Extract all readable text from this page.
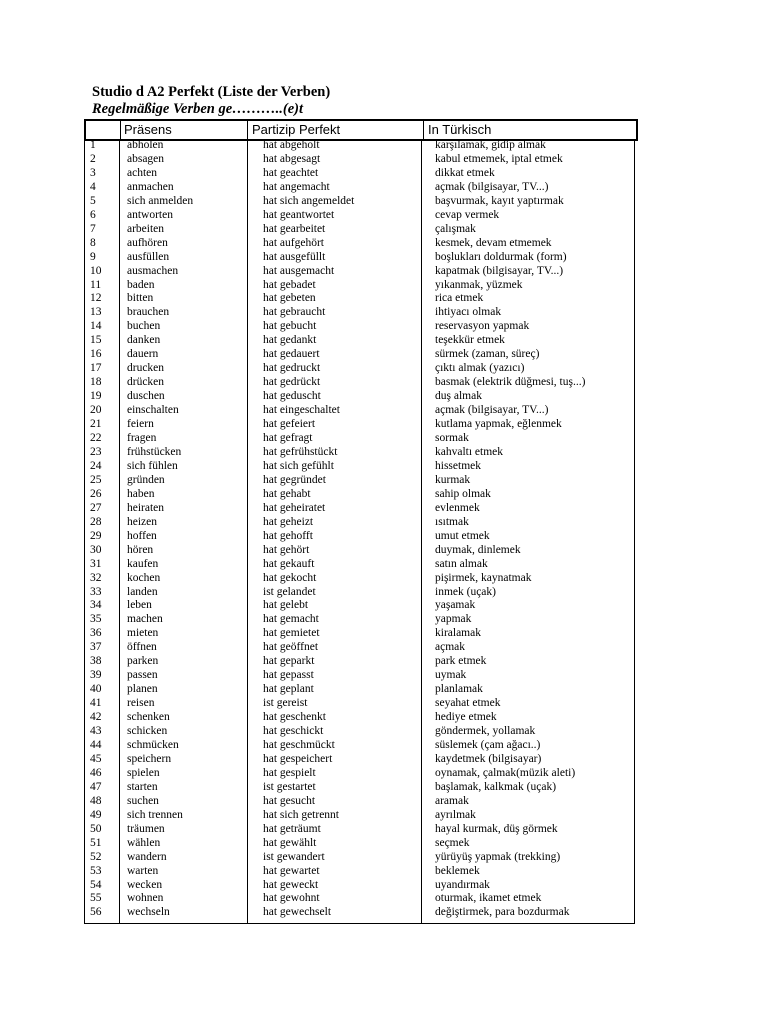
Studio d A2 Perfekt (Liste der Verben)
Regelmäßige Verben ge………..(e)t
Präsens	Partizip Perfekt	In Türkisch
1	abholen	hat abgeholt	karşılamak, gidip almak
2	absagen	hat abgesagt	kabul etmemek, iptal etmek
3	achten	hat geachtet	dikkat etmek
4	anmachen	hat angemacht	açmak (bilgisayar, TV...)
5	sich anmelden	hat sich angemeldet	başvurmak, kayıt yaptırmak
6	antworten	hat geantwortet	cevap vermek
7	arbeiten	hat gearbeitet	çalışmak
8	aufhören	hat aufgehört	kesmek, devam etmemek
9	ausfüllen	hat ausgefüllt	boşlukları doldurmak (form)
10	ausmachen	hat ausgemacht	kapatmak (bilgisayar, TV...)
11	baden	hat gebadet	yıkanmak, yüzmek
12	bitten	hat gebeten	rica etmek
13	brauchen	hat gebraucht	ihtiyacı olmak
14	buchen	hat gebucht	reservasyon yapmak
15	danken	hat gedankt	teşekkür etmek
16	dauern	hat gedauert	sürmek (zaman, süreç)
17	drucken	hat gedruckt	çıktı almak (yazıcı)
18	drücken	hat gedrückt	basmak (elektrik düğmesi, tuş...)
19	duschen	hat geduscht	duş almak
20	einschalten	hat eingeschaltet	açmak (bilgisayar, TV...)
21	feiern	hat gefeiert	kutlama yapmak, eğlenmek
22	fragen	hat gefragt	sormak
23	frühstücken	hat gefrühstückt	kahvaltı etmek
24	sich fühlen	hat sich gefühlt	hissetmek
25	gründen	hat gegründet	kurmak
26	haben	hat gehabt	sahip olmak
27	heiraten	hat geheiratet	evlenmek
28	heizen	hat geheizt	ısıtmak
29	hoffen	hat gehofft	umut etmek
30	hören	hat gehört	duymak, dinlemek
31	kaufen	hat gekauft	satın almak
32	kochen	hat gekocht	pişirmek, kaynatmak
33	landen	ist gelandet	inmek (uçak)
34	leben	hat gelebt	yaşamak
35	machen	hat gemacht	yapmak
36	mieten	hat gemietet	kiralamak
37	öffnen	hat geöffnet	açmak
38	parken	hat geparkt	park etmek
39	passen	hat gepasst	uymak
40	planen	hat geplant	planlamak
41	reisen	ist gereist	seyahat etmek
42	schenken	hat geschenkt	hediye etmek
43	schicken	hat geschickt	göndermek, yollamak
44	schmücken	hat geschmückt	süslemek (çam ağacı..)
45	speichern	hat gespeichert	kaydetmek (bilgisayar)
46	spielen	hat gespielt	oynamak, çalmak(müzik aleti)
47	starten	ist gestartet	başlamak, kalkmak (uçak)
48	suchen	hat gesucht	aramak
49	sich trennen	hat sich getrennt	ayrılmak
50	träumen	hat geträumt	hayal kurmak, düş görmek
51	wählen	hat gewählt	seçmek
52	wandern	ist gewandert	yürüyüş yapmak (trekking)
53	warten	hat gewartet	beklemek
54	wecken	hat geweckt	uyandırmak
55	wohnen	hat gewohnt	oturmak, ikamet etmek
56	wechseln	hat gewechselt	değiştirmek, para bozdurmak
